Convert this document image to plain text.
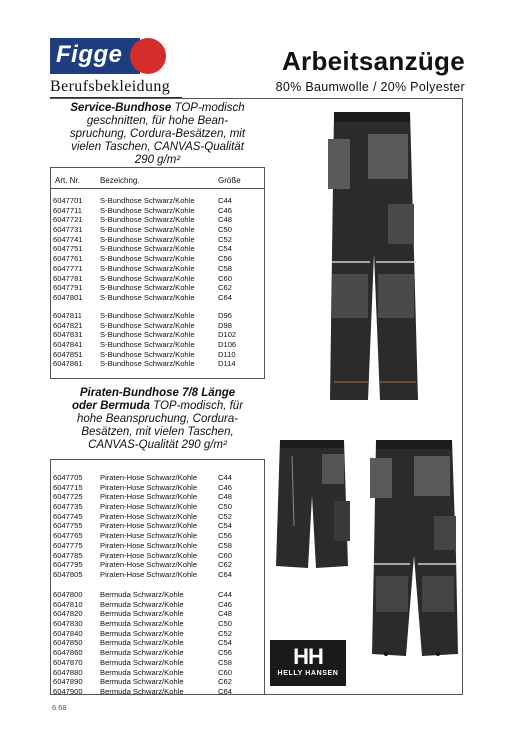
Figge
Berufsbekleidung
Arbeitsanzüge
80% Baumwolle / 20% Polyester
Service-Bundhose TOP-modisch
geschnitten, für hohe Bean-
spruchung, Cordura-Besätzen, mit
vielen Taschen, CANVAS-Qualität
290 g/m²
Art. Nr.	Bezeichng.	Größe
6047701 S-Bundhose Schwarz/Kohle	C44
6047711 S-Bundhose Schwarz/Kohle	C46
6047721 S-Bundhose Schwarz/Kohle	C48
6047731 S-Bundhose Schwarz/Kohle	C50
6047741 S-Bundhose Schwarz/Kohle	C52
6047751 S-Bundhose Schwarz/Kohle	C54
6047761 S-Bundhose Schwarz/Kohle	C56
6047771 S-Bundhose Schwarz/Kohle	C58
6047781 S-Bundhose Schwarz/Kohle	C60
6047791 S-Bundhose Schwarz/Kohle	C62
6047801 S-Bundhose Schwarz/Kohle	C64
6047811 S-Bundhose Schwarz/Kohle	D96
6047821 S-Bundhose Schwarz/Kohle	D98
6047831 S-Bundhose Schwarz/Kohle	D102
6047841 S-Bundhose Schwarz/Kohle	D106
6047851 S-Bundhose Schwarz/Kohle	D110
6047861 S-Bundhose Schwarz/Kohle	D114
Piraten-Bundhose 7/8 Länge
oder Bermuda TOP-modisch, für
hohe Beanspruchung, Cordura-
Besätzen, mit vielen Taschen,
CANVAS-Qualität 290 g/m²
6047705 Piraten-Hose Schwarz/Kohle	C44
6047715 Piraten-Hose Schwarz/Kohle	C46
6047725 Piraten-Hose Schwarz/Kohle	C48
6047735 Piraten-Hose Schwarz/Kohle	C50
6047745 Piraten-Hose Schwarz/Kohle	C52
6047755 Piraten-Hose Schwarz/Kohle	C54
6047765 Piraten-Hose Schwarz/Kohle	C56
6047775 Piraten-Hose Schwarz/Kohle	C58
6047785 Piraten-Hose Schwarz/Kohle	C60
6047795 Piraten-Hose Schwarz/Kohle	C62
6047805 Piraten-Hose Schwarz/Kohle	C64
6047800 Bermuda Schwarz/Kohle	C44
6047810 Bermuda Schwarz/Kohle	C46
6047820 Bermuda Schwarz/Kohle	C48
6047830 Bermuda Schwarz/Kohle	C50
6047840 Bermuda Schwarz/Kohle	C52
6047850 Bermuda Schwarz/Kohle	C54
6047860 Bermuda Schwarz/Kohle	C56
6047870 Bermuda Schwarz/Kohle	C58
6047880 Bermuda Schwarz/Kohle	C60
6047890 Bermuda Schwarz/Kohle	C62
6047900 Bermuda Schwarz/Kohle	C64
HH
HELLY HANSEN
6.68
